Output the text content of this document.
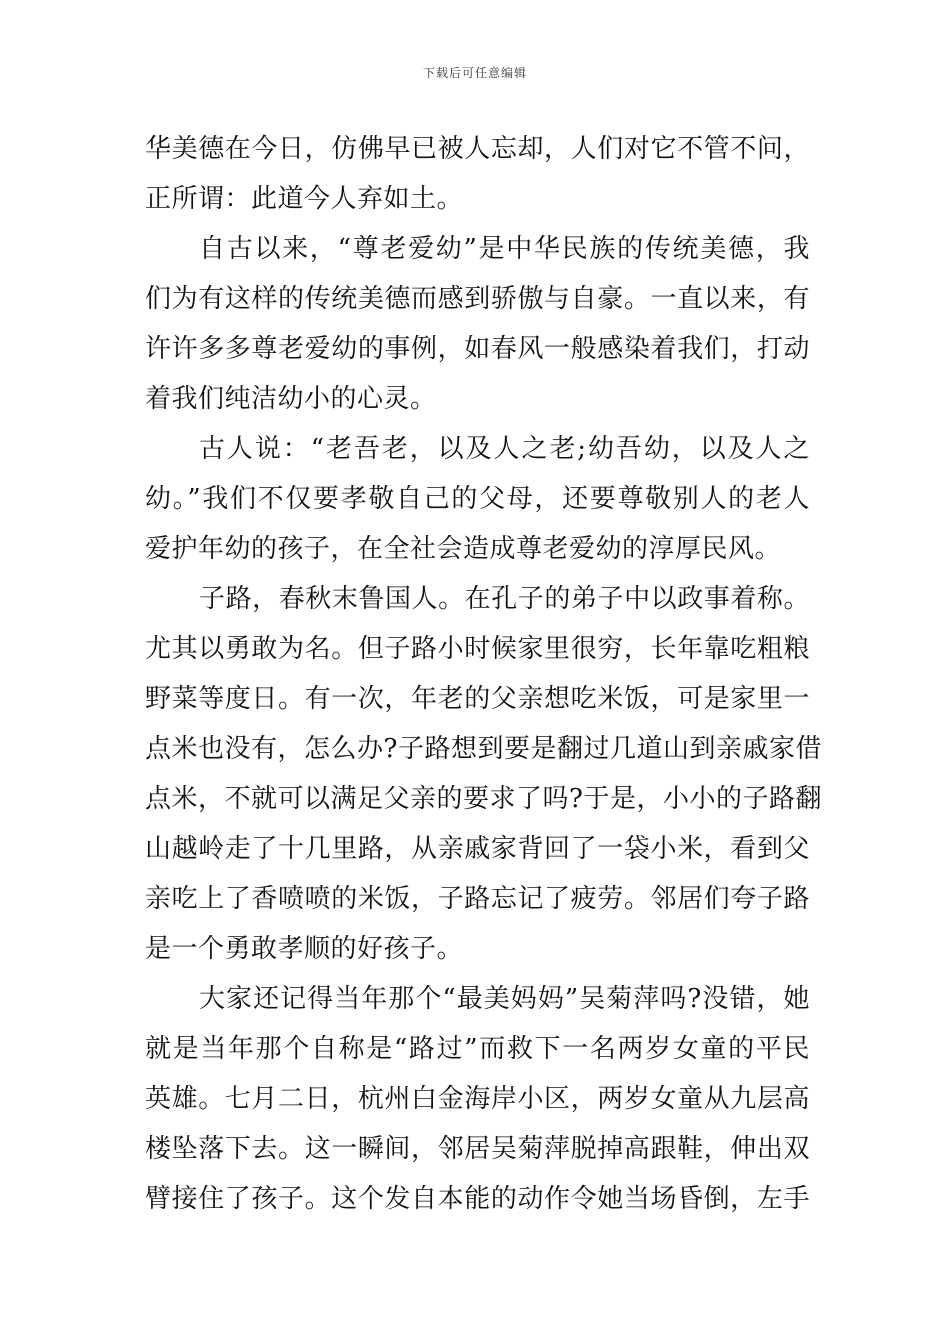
下载后可任意编辑
华美德在今日，仿佛早已被人忘却，人们对它不管不问，
正所谓：此道今人弃如土。
自古以来，“尊老爱幼”是中华民族的传统美德，我
们为有这样的传统美德而感到骄傲与自豪。一直以来，有
许许多多尊老爱幼的事例，如春风一般感染着我们，打动
着我们纯洁幼小的心灵。
古人说：“老吾老，以及人之老;幼吾幼，以及人之
幼。”我们不仅要孝敬自己的父母，还要尊敬别人的老人
爱护年幼的孩子，在全社会造成尊老爱幼的淳厚民风。
子路，春秋末鲁国人。在孔子的弟子中以政事着称。
尤其以勇敢为名。但子路小时候家里很穷，长年靠吃粗粮
野菜等度日。有一次，年老的父亲想吃米饭，可是家里一
点米也没有，怎么办?子路想到要是翻过几道山到亲戚家借
点米，不就可以满足父亲的要求了吗?于是，小小的子路翻
山越岭走了十几里路，从亲戚家背回了一袋小米，看到父
亲吃上了香喷喷的米饭，子路忘记了疲劳。邻居们夸子路
是一个勇敢孝顺的好孩子。
大家还记得当年那个“最美妈妈”吴菊萍吗?没错，她
就是当年那个自称是“路过”而救下一名两岁女童的平民
英雄。七月二日，杭州白金海岸小区，两岁女童从九层高
楼坠落下去。这一瞬间，邻居吴菊萍脱掉高跟鞋，伸出双
臂接住了孩子。这个发自本能的动作令她当场昏倒，左手
